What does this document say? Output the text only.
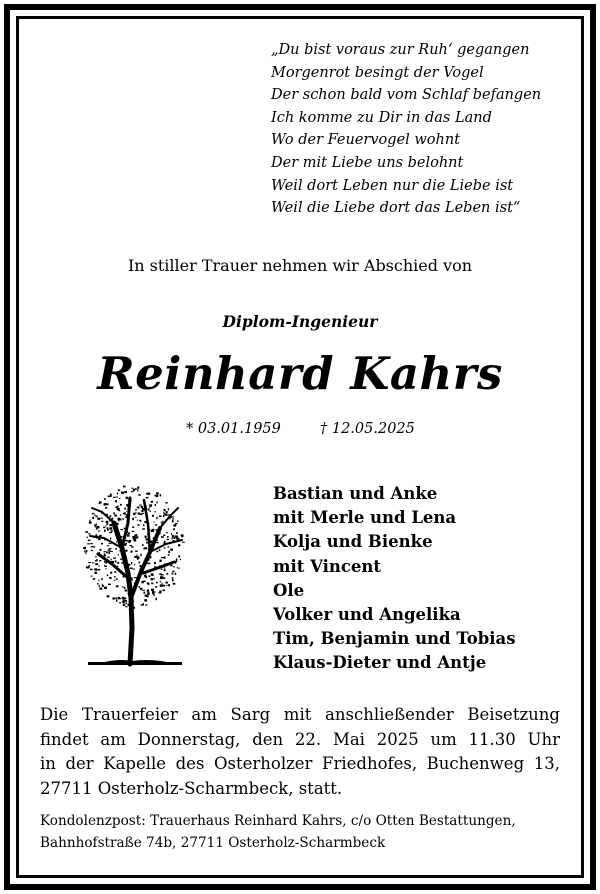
„Du bist voraus zur Ruh‘ gegangen
Morgenrot besingt der Vogel
Der schon bald vom Schlaf befangen
Ich komme zu Dir in das Land
Wo der Feuervogel wohnt
Der mit Liebe uns belohnt
Weil dort Leben nur die Liebe ist
Weil die Liebe dort das Leben ist“
In stiller Trauer nehmen wir Abschied von
Diplom-Ingenieur
Reinhard Kahrs
* 03.01.1959	† 12.05.2025
Bastian und Anke
mit Merle und Lena
Kolja und Bienke
mit Vincent
Ole
Volker und Angelika
Tim, Benjamin und Tobias
Klaus-Dieter und Antje
Die Trauerfeier am Sarg mit anschließender Beisetzung
findet am Donnerstag, den 22. Mai 2025 um 11.30 Uhr
in der Kapelle des Osterholzer Friedhofes, Buchenweg 13,
27711 Osterholz-Scharmbeck, statt.
Kondolenzpost: Trauerhaus Reinhard Kahrs, c/o Otten Bestattungen,
Bahnhofstraße 74b, 27711 Osterholz-Scharmbeck
